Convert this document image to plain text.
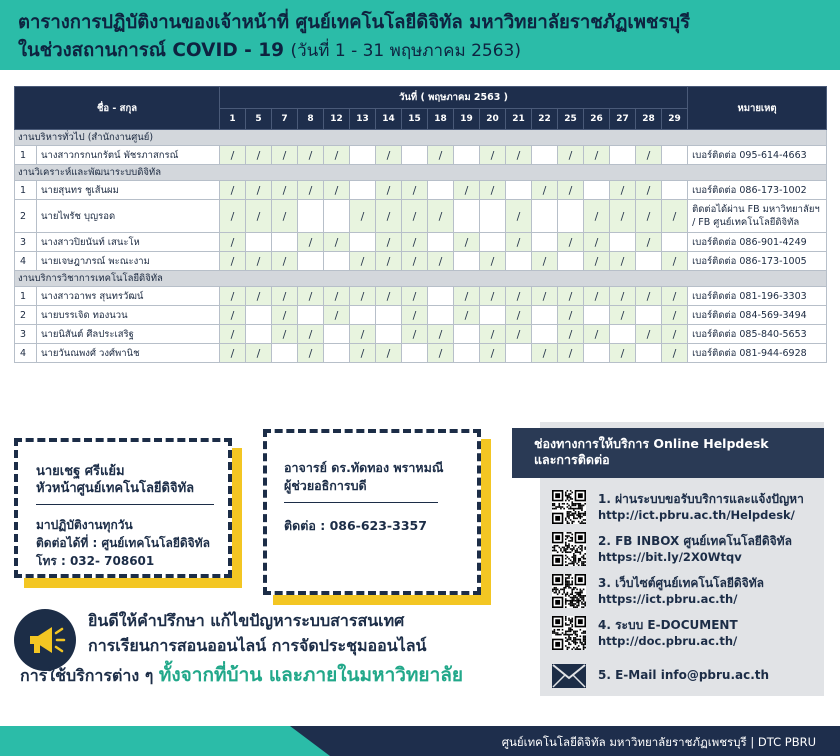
ตารางการปฏิบัติงานของเจ้าหน้าที่ ศูนย์เทคโนโลยีดิจิทัล มหาวิทยาลัยราชภัฏเพชรบุรี
ในช่วงสถานการณ์ COVID - 19 (วันที่ 1 - 31 พฤษภาคม 2563)
ชื่อ - สกุล		วันที่ ( พฤษภาคม 2563 )																		หมายเหตุ
		1	5	7	8	12	13	14	15	18	19	20	21	22	25	26	27	28	29	
งานบริหารทั่วไป (สำนักงานศูนย์)																				
1	นางสาวกรกนกรัตน์ พัชรภาสกรณ์	/	/	/	/	/		/		/		/	/		/	/		/		เบอร์ติดต่อ 095-614-4663
งานวิเคราะห์และพัฒนาระบบดิจิทัล																				
1	นายสุนทร ชูเส้นผม	/	/	/	/	/		/	/		/	/		/	/		/	/		เบอร์ติดต่อ 086-173-1002
2	นายไพรัช บุญรอด	/	/	/			/	/	/	/			/			/	/	/	/	ติดต่อได้ผ่าน FB มหาวิทยาลัยฯ / FB ศูนย์เทคโนโลยีดิจิทัล
3	นางสาวปิยนันท์ เสนะโห	/			/	/		/	/		/		/		/	/		/		เบอร์ติดต่อ 086-901-4249
4	นายเจษฎาภรณ์ พะณะงาม	/	/	/			/	/	/	/		/		/		/	/		/	เบอร์ติดต่อ 086-173-1005
งานบริการวิชาการเทคโนโลยีดิจิทัล																				
1	นางสาวอาพร สุนทรวัฒน์	/	/	/	/	/	/	/	/		/	/	/	/	/	/	/	/	/	เบอร์ติดต่อ 081-196-3303
2	นายบรรเจิด ทองนวน	/		/		/			/		/		/		/		/		/	เบอร์ติดต่อ 084-569-3494
3	นายนิสันต์ ศีลประเสริฐ	/		/	/		/		/	/		/	/		/	/		/	/	เบอร์ติดต่อ 085-840-5653
4	นายวันณพงศ์ วงศ์พานิช	/	/		/		/	/		/		/		/	/		/		/	เบอร์ติดต่อ 081-944-6928
นายเชฐ ศรีแย้ม
หัวหน้าศูนย์เทคโนโลยีดิจิทัล
มาปฏิบัติงานทุกวัน
ติดต่อได้ที่ : ศูนย์เทคโนโลยีดิจิทัล
โทร : 032- 708601
อาจารย์ ดร.ทัดทอง พราหมณี
ผู้ช่วยอธิการบดี
ติดต่อ : 086-623-3357
ช่องทางการให้บริการ Online Helpdesk
และการติดต่อ
1. ผ่านระบบขอรับบริการและแจ้งปัญหา
http://ict.pbru.ac.th/Helpdesk/
2. FB INBOX ศูนย์เทคโนโลยีดิจิทัล
https://bit.ly/2X0Wtqv
3. เว็บไซต์ศูนย์เทคโนโลยีดิจิทัล
https://ict.pbru.ac.th/
4. ระบบ E-DOCUMENT
http://doc.pbru.ac.th/
5. E-Mail info@pbru.ac.th
ยินดีให้คำปรึกษา แก้ไขปัญหาระบบสารสนเทศ
การเรียนการสอนออนไลน์ การจัดประชุมออนไลน์
การใช้บริการต่าง ๆ ทั้งจากที่บ้าน และภายในมหาวิทยาลัย
ศูนย์เทคโนโลยีดิจิทัล มหาวิทยาลัยราชภัฏเพชรบุรี | DTC PBRU
